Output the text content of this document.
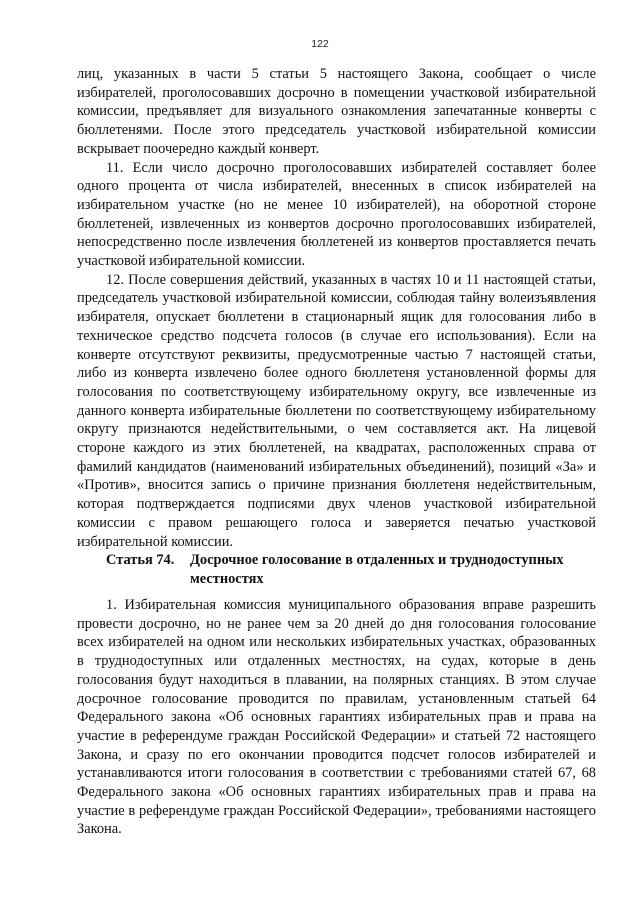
122

лиц, указанных в части 5 статьи 5 настоящего Закона, сообщает о числе избирателей, проголосовавших досрочно в помещении участковой избирательной комиссии, предъявляет для визуального ознакомления запечатанные конверты с бюллетенями. После этого председатель участковой избирательной комиссии вскрывает поочередно каждый конверт.

11. Если число досрочно проголосовавших избирателей составляет более одного процента от числа избирателей, внесенных в список избирателей на избирательном участке (но не менее 10 избирателей), на оборотной стороне бюллетеней, извлеченных из конвертов досрочно проголосовавших избирателей, непосредственно после извлечения бюллетеней из конвертов проставляется печать участковой избирательной комиссии.

12. После совершения действий, указанных в частях 10 и 11 настоящей статьи, председатель участковой избирательной комиссии, соблюдая тайну волеизъявления избирателя, опускает бюллетени в стационарный ящик для голосования либо в техническое средство подсчета голосов (в случае его использования). Если на конверте отсутствуют реквизиты, предусмотренные частью 7 настоящей статьи, либо из конверта извлечено более одного бюллетеня установленной формы для голосования по соответствующему избирательному округу, все извлеченные из данного конверта избирательные бюллетени по соответствующему избирательному округу признаются недействительными, о чем составляется акт. На лицевой стороне каждого из этих бюллетеней, на квадратах, расположенных справа от фамилий кандидатов (наименований избирательных объединений), позиций «За» и «Против», вносится запись о причине признания бюллетеня недействительным, которая подтверждается подписями двух членов участковой избирательной комиссии с правом решающего голоса и заверяется печатью участковой избирательной комиссии.

Статья 74.	Досрочное голосование в отдаленных и труднодоступных местностях

1. Избирательная комиссия муниципального образования вправе разрешить провести досрочно, но не ранее чем за 20 дней до дня голосования голосование всех избирателей на одном или нескольких избирательных участках, образованных в труднодоступных или отдаленных местностях, на судах, которые в день голосования будут находиться в плавании, на полярных станциях. В этом случае досрочное голосование проводится по правилам, установленным статьей 64 Федерального закона «Об основных гарантиях избирательных прав и права на участие в референдуме граждан Российской Федерации» и статьей 72 настоящего Закона, и сразу по его окончании проводится подсчет голосов избирателей и устанавливаются итоги голосования в соответствии с требованиями статей 67, 68 Федерального закона «Об основных гарантиях избирательных прав и права на участие в референдуме граждан Российской Федерации», требованиями настоящего Закона.
